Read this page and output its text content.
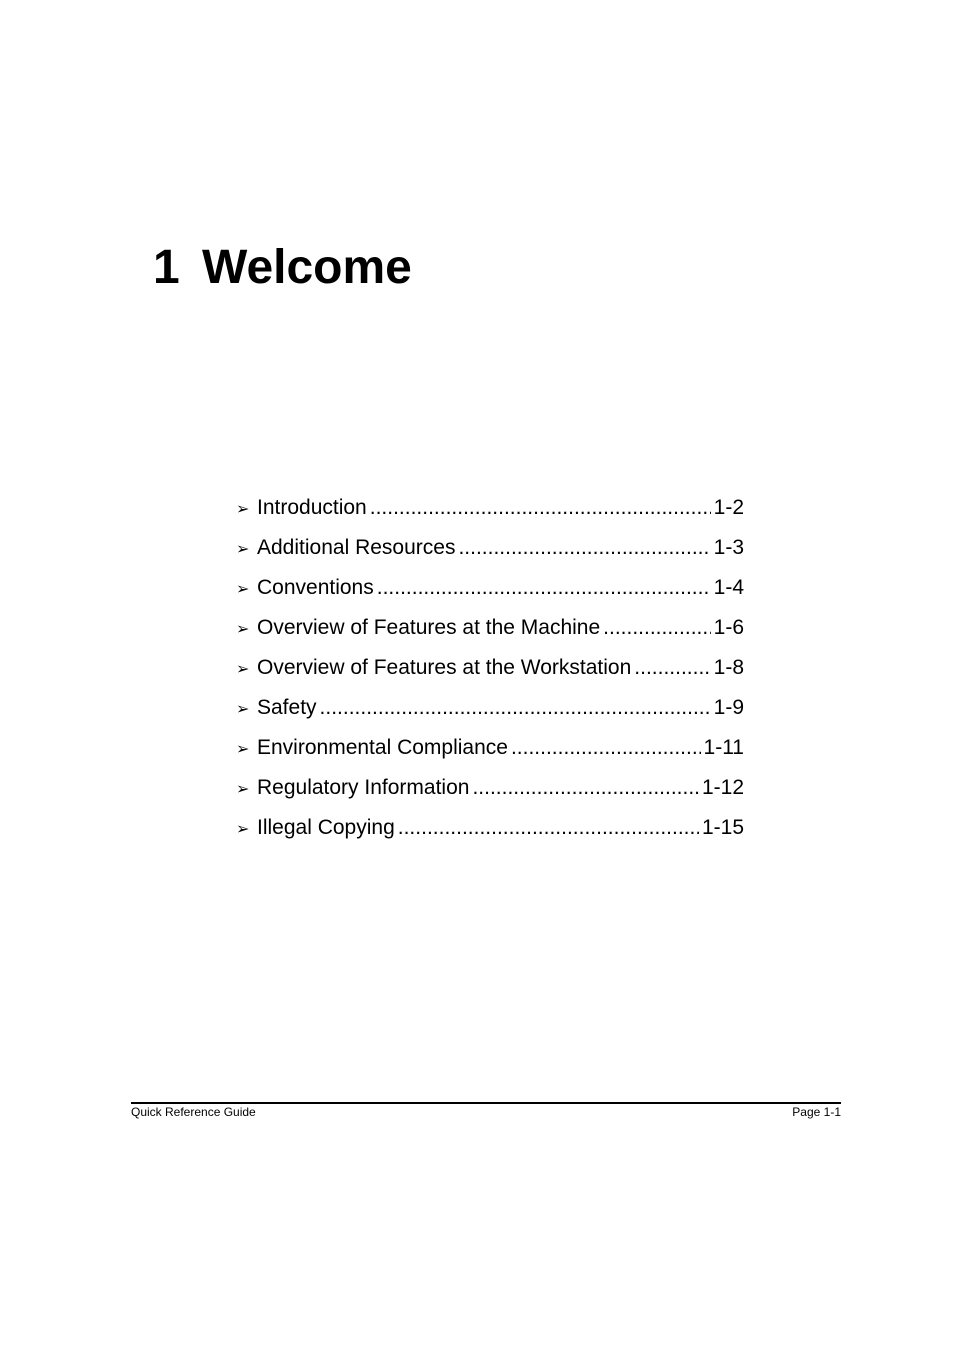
1 Welcome
➢ Introduction .....	1-2
➢ Additional Resources .....	1-3
➢ Conventions .....	1-4
➢ Overview of Features at the Machine .....	1-6
➢ Overview of Features at the Workstation .....	1-8
➢ Safety .....	1-9
➢ Environmental Compliance .....	1-11
➢ Regulatory Information .....	1-12
➢ Illegal Copying .....	1-15
Quick Reference Guide	Page 1-1
